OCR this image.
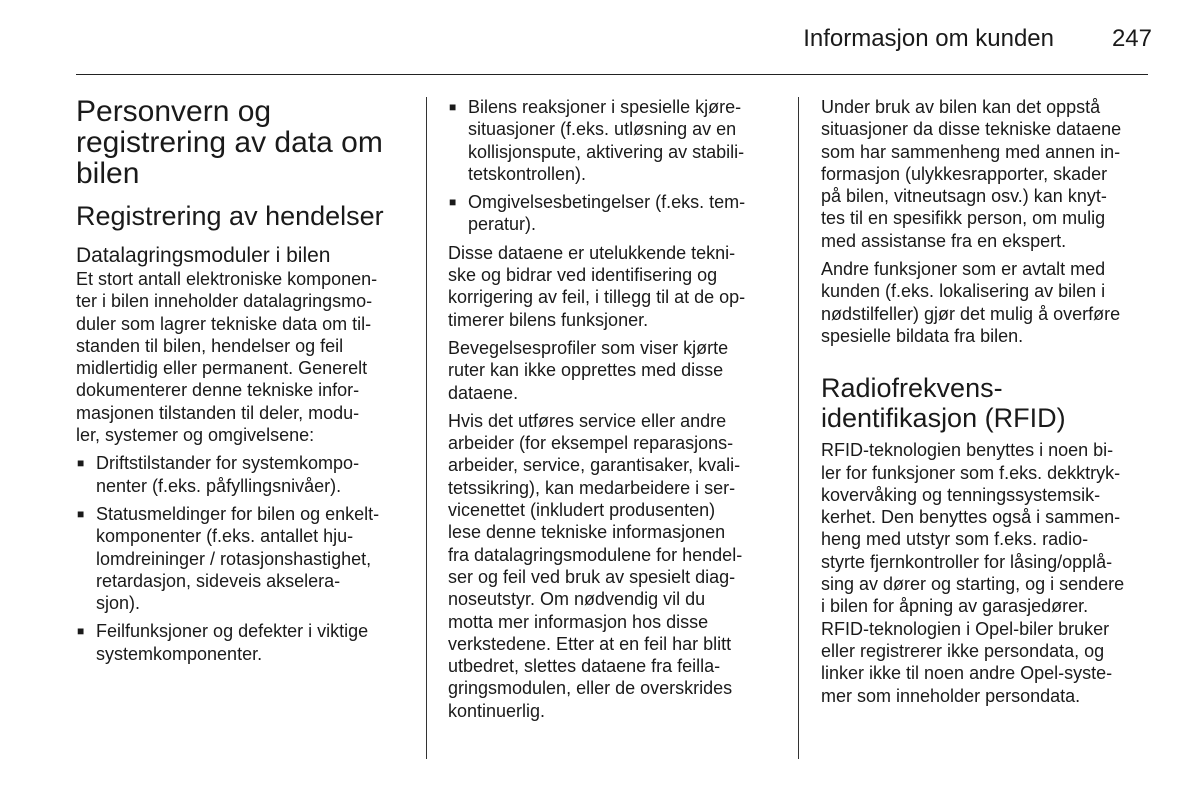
Informasjon om kunden 247
Personvern og
registrering av data om
bilen
Registrering av hendelser
Datalagringsmoduler i bilen

Et stort antall elektroniske komponen-
ter i bilen inneholder datalagringsmo-
duler som lagrer tekniske data om til-
standen til bilen, hendelser og feil
midlertidig eller permanent. Generelt
dokumenterer denne tekniske infor-
masjonen tilstanden til deler, modu-
ler, systemer og omgivelsene:

■ Driftstilstander for systemkompo-
nenter (f.eks. påfyllingsnivåer).
■ Statusmeldinger for bilen og enkelt-
komponenter (f.eks. antallet hju-
lomdreininger / rotasjonshastighet,
retardasjon, sideveis akselera-
sjon).
■ Feilfunksjoner og defekter i viktige
systemkomponenter.
■ Bilens reaksjoner i spesielle kjøre-
situasjoner (f.eks. utløsning av en
kollisjonspute, aktivering av stabili-
tetskontrollen).
■ Omgivelsesbetingelser (f.eks. tem-
peratur).

Disse dataene er utelukkende tekni-
ske og bidrar ved identifisering og
korrigering av feil, i tillegg til at de op-
timerer bilens funksjoner.

Bevegelsesprofiler som viser kjørte
ruter kan ikke opprettes med disse
dataene.

Hvis det utføres service eller andre
arbeider (for eksempel reparasjons-
arbeider, service, garantisaker, kvali-
tetssikring), kan medarbeidere i ser-
vicenettet (inkludert produsenten)
lese denne tekniske informasjonen
fra datalagringsmodulene for hendel-
ser og feil ved bruk av spesielt diag-
noseutstyr. Om nødvendig vil du
motta mer informasjon hos disse
verkstedene. Etter at en feil har blitt
utbedret, slettes dataene fra feilla-
gringsmodulen, eller de overskrides
kontinuerlig.

Under bruk av bilen kan det oppstå
situasjoner da disse tekniske dataene
som har sammenheng med annen in-
formasjon (ulykkesrapporter, skader
på bilen, vitneutsagn osv.) kan knyt-
tes til en spesifikk person, om mulig
med assistanse fra en ekspert.

Andre funksjoner som er avtalt med
kunden (f.eks. lokalisering av bilen i
nødstilfeller) gjør det mulig å overføre
spesielle bildata fra bilen.

Radiofrekvens-
identifikasjon (RFID)

RFID-teknologien benyttes i noen bi-
ler for funksjoner som f.eks. dekktryk-
kovervåking og tenningssystemsik-
kerhet. Den benyttes også i sammen-
heng med utstyr som f.eks. radio-
styrte fjernkontroller for låsing/opplå-
sing av dører og starting, og i sendere
i bilen for åpning av garasjedører.
RFID-teknologien i Opel-biler bruker
eller registrerer ikke persondata, og
linker ikke til noen andre Opel-syste-
mer som inneholder persondata.
